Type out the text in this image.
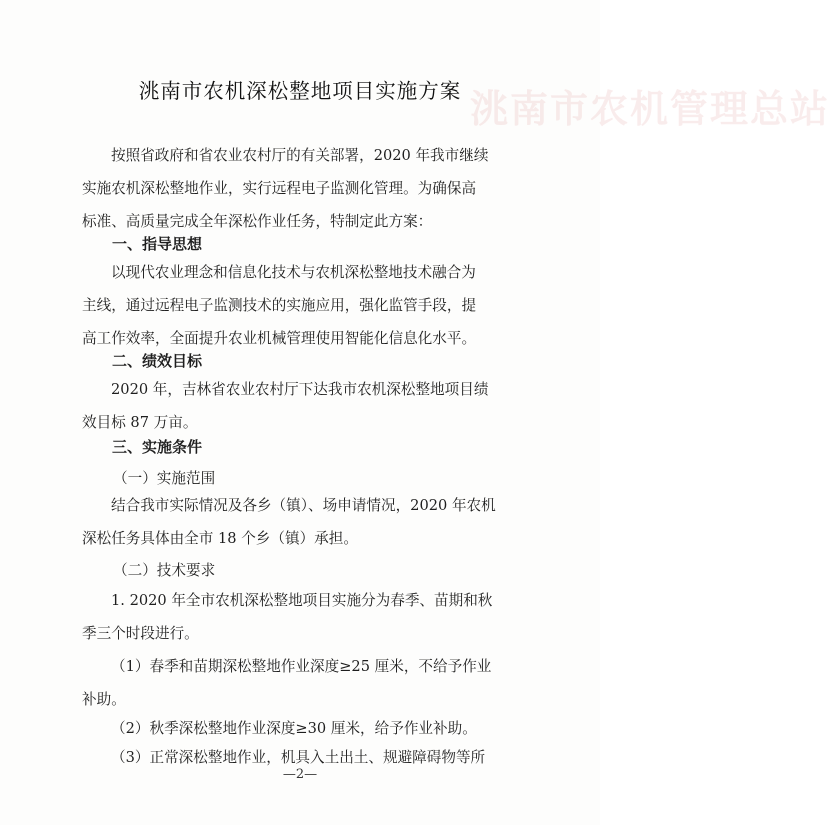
洮南市农机管理总站
洮南市农机深松整地项目实施方案
按照省政府和省农业农村厅的有关部署，2020 年我市继续
实施农机深松整地作业，实行远程电子监测化管理。为确保高
标准、高质量完成全年深松作业任务，特制定此方案：
一、指导思想
以现代农业理念和信息化技术与农机深松整地技术融合为
主线，通过远程电子监测技术的实施应用，强化监管手段，提
高工作效率，全面提升农业机械管理使用智能化信息化水平。
二、绩效目标
2020 年，吉林省农业农村厅下达我市农机深松整地项目绩
效目标 87 万亩。
三、实施条件
（一）实施范围
结合我市实际情况及各乡（镇）、场申请情况，2020 年农机
深松任务具体由全市 18 个乡（镇）承担。
（二）技术要求
1. 2020 年全市农机深松整地项目实施分为春季、苗期和秋
季三个时段进行。
（1）春季和苗期深松整地作业深度≥25 厘米，不给予作业
补助。
（2）秋季深松整地作业深度≥30 厘米，给予作业补助。
（3）正常深松整地作业，机具入土出土、规避障碍物等所
—2—
